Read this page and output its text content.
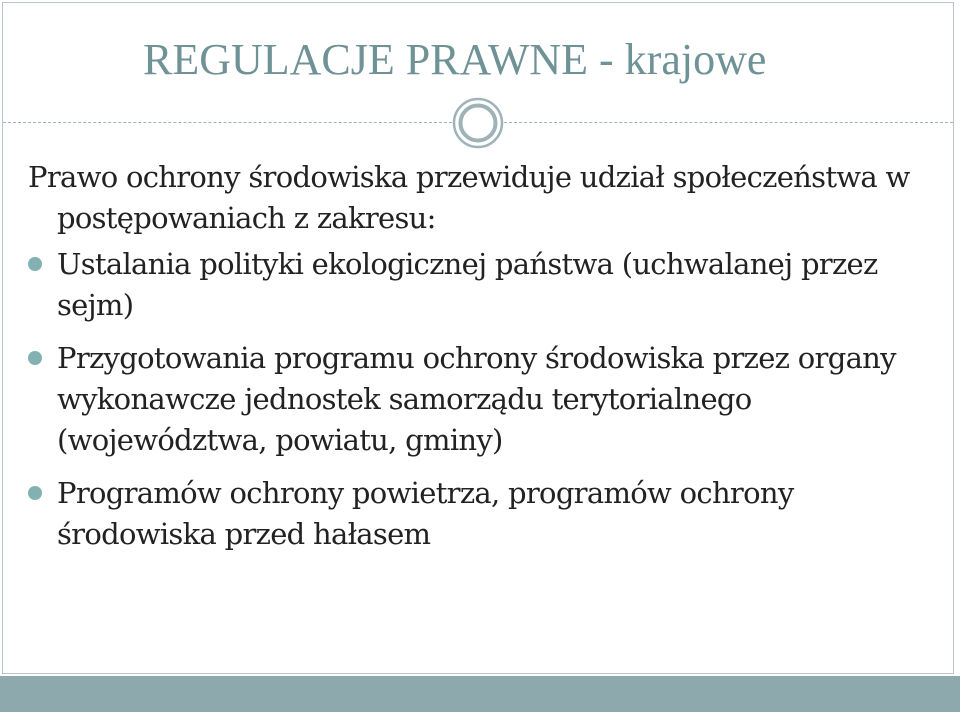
REGULACJE PRAWNE - krajowe

Prawo ochrony środowiska przewiduje udział społeczeństwa w postępowaniach z zakresu:

Ustalania polityki ekologicznej państwa (uchwalanej przez sejm)
Przygotowania programu ochrony środowiska przez organy wykonawcze jednostek samorządu terytorialnego (województwa, powiatu, gminy)
Programów ochrony powietrza, programów ochrony środowiska przed hałasem
